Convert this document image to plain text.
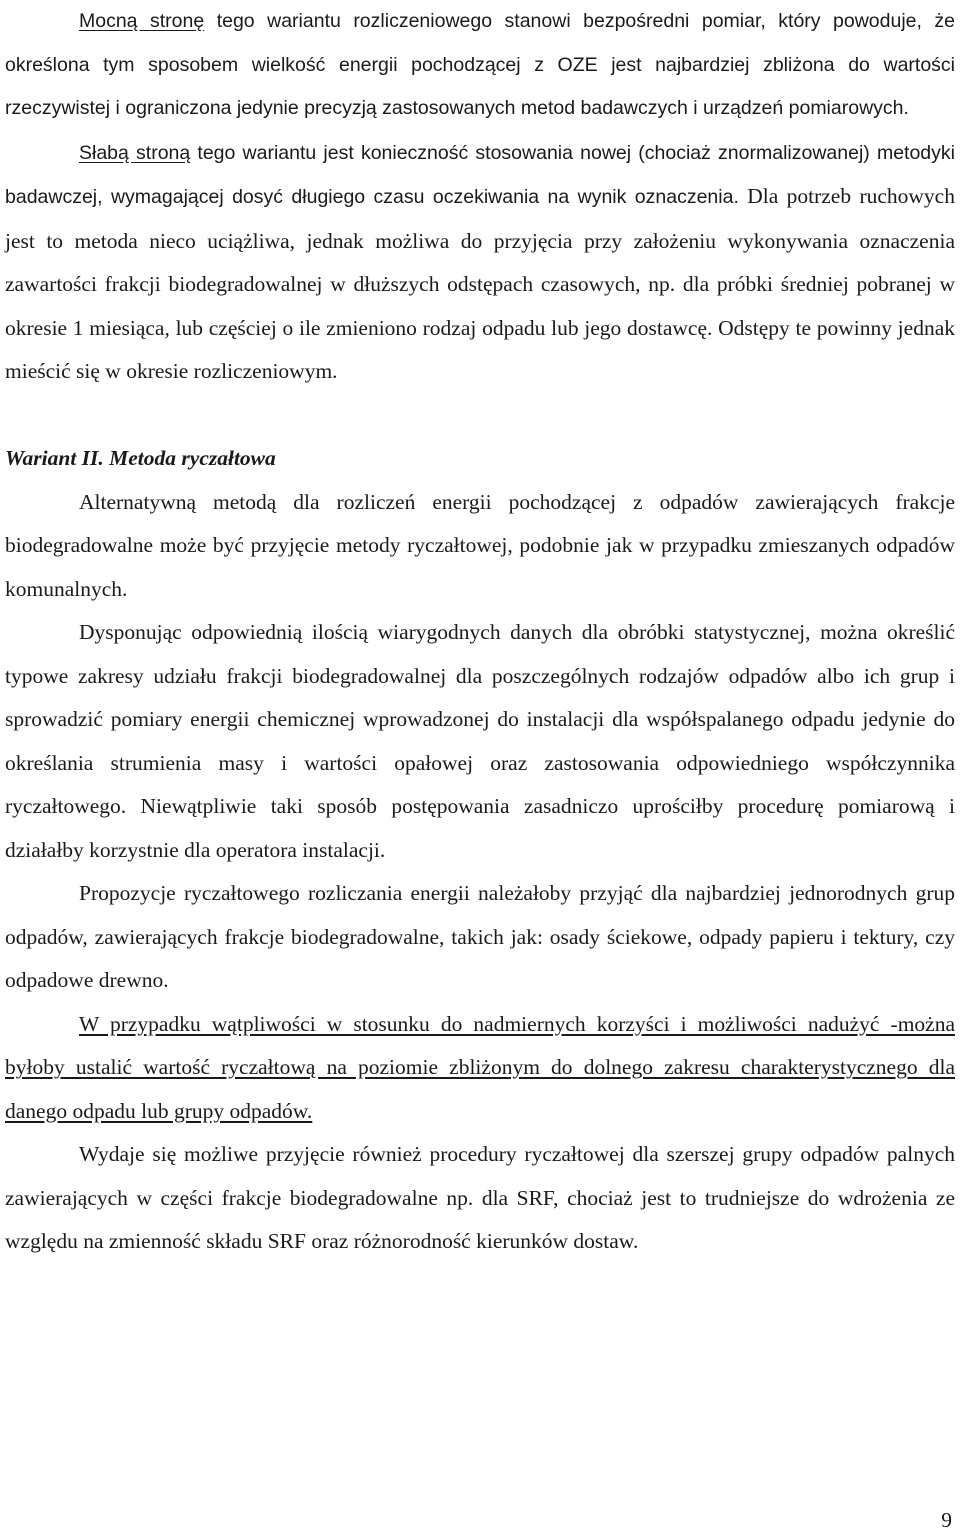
Mocną stronę tego wariantu rozliczeniowego stanowi bezpośredni pomiar, który powoduje, że określona tym sposobem wielkość energii pochodzącej z OZE jest najbardziej zbliżona do wartości rzeczywistej i ograniczona jedynie precyzją zastosowanych metod badawczych i urządzeń pomiarowych.

Słabą stroną tego wariantu jest konieczność stosowania nowej (chociaż znormalizowanej) metodyki badawczej, wymagającej dosyć długiego czasu oczekiwania na wynik oznaczenia. Dla potrzeb ruchowych jest to metoda nieco uciążliwa, jednak możliwa do przyjęcia przy założeniu wykonywania oznaczenia zawartości frakcji biodegradowalnej w dłuższych odstępach czasowych, np. dla próbki średniej pobranej w okresie 1 miesiąca, lub częściej o ile zmieniono rodzaj odpadu lub jego dostawcę. Odstępy te powinny jednak mieścić się w okresie rozliczeniowym.

Wariant II. Metoda ryczałtowa

Alternatywną metodą dla rozliczeń energii pochodzącej z odpadów zawierających frakcje biodegradowalne może być przyjęcie metody ryczałtowej, podobnie jak w przypadku zmieszanych odpadów komunalnych.

Dysponując odpowiednią ilością wiarygodnych danych dla obróbki statystycznej, można określić typowe zakresy udziału frakcji biodegradowalnej dla poszczególnych rodzajów odpadów albo ich grup i sprowadzić pomiary energii chemicznej wprowadzonej do instalacji dla współspalanego odpadu jedynie do określania strumienia masy i wartości opałowej oraz zastosowania odpowiedniego współczynnika ryczałtowego. Niewątpliwie taki sposób postępowania zasadniczo uprościłby procedurę pomiarową i działałby korzystnie dla operatora instalacji.

Propozycje ryczałtowego rozliczania energii należałoby przyjąć dla najbardziej jednorodnych grup odpadów, zawierających frakcje biodegradowalne, takich jak: osady ściekowe, odpady papieru i tektury, czy odpadowe drewno.

W przypadku wątpliwości w stosunku do nadmiernych korzyści i możliwości nadużyć -można byłoby ustalić wartość ryczałtową na poziomie zbliżonym do dolnego zakresu charakterystycznego dla danego odpadu lub grupy odpadów.

Wydaje się możliwe przyjęcie również procedury ryczałtowej dla szerszej grupy odpadów palnych zawierających w części frakcje biodegradowalne np. dla SRF, chociaż jest to trudniejsze do wdrożenia ze względu na zmienność składu SRF oraz różnorodność kierunków dostaw.

9
